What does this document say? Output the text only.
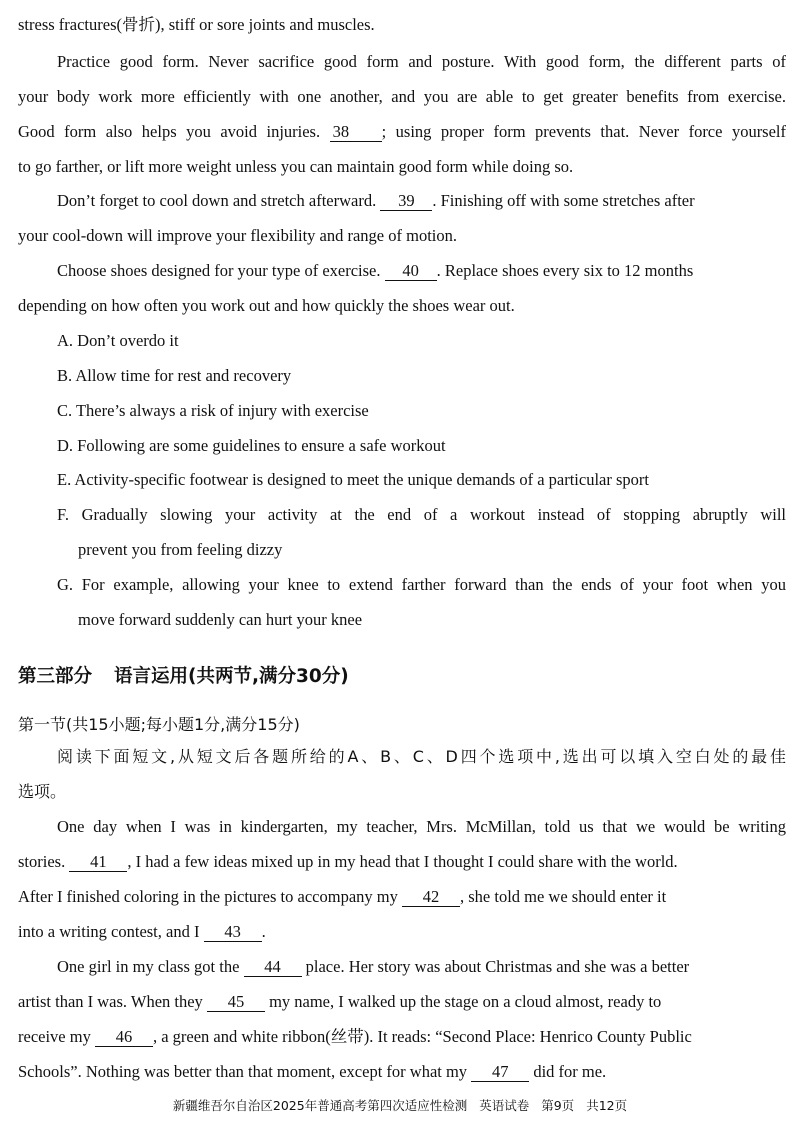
stress fractures(骨折), stiff or sore joints and muscles.
Practice good form. Never sacrifice good form and posture. With good form, the different parts of
your body work more efficiently with one another, and you are able to get greater benefits from exercise.
Good form also helps you avoid injuries. 38 ; using proper form prevents that. Never force yourself
to go farther, or lift more weight unless you can maintain good form while doing so.
Don’t forget to cool down and stretch afterward. 39 . Finishing off with some stretches after
your cool-down will improve your flexibility and range of motion.
Choose shoes designed for your type of exercise. 40 . Replace shoes every six to 12 months
depending on how often you work out and how quickly the shoes wear out.
A. Don’t overdo it
B. Allow time for rest and recovery
C. There’s always a risk of injury with exercise
D. Following are some guidelines to ensure a safe workout
E. Activity-specific footwear is designed to meet the unique demands of a particular sport
F. Gradually slowing your activity at the end of a workout instead of stopping abruptly will
prevent you from feeling dizzy
G. For example, allowing your knee to extend farther forward than the ends of your foot when you
move forward suddenly can hurt your knee
第三部分 语言运用(共两节,满分30分)
第一节(共15小题;每小题1分,满分15分)
阅读下面短文,从短文后各题所给的A、B、C、D四个选项中,选出可以填入空白处的最佳
选项。
One day when I was in kindergarten, my teacher, Mrs. McMillan, told us that we would be writing
stories. 41 , I had a few ideas mixed up in my head that I thought I could share with the world.
After I finished coloring in the pictures to accompany my 42 , she told me we should enter it
into a writing contest, and I 43 .
One girl in my class got the 44 place. Her story was about Christmas and she was a better
artist than I was. When they 45 my name, I walked up the stage on a cloud almost, ready to
receive my 46 , a green and white ribbon(丝带). It reads: “Second Place: Henrico County Public
Schools”. Nothing was better than that moment, except for what my 47 did for me.
新疆维吾尔自治区2025年普通高考第四次适应性检测 英语试卷 第9页 共12页
